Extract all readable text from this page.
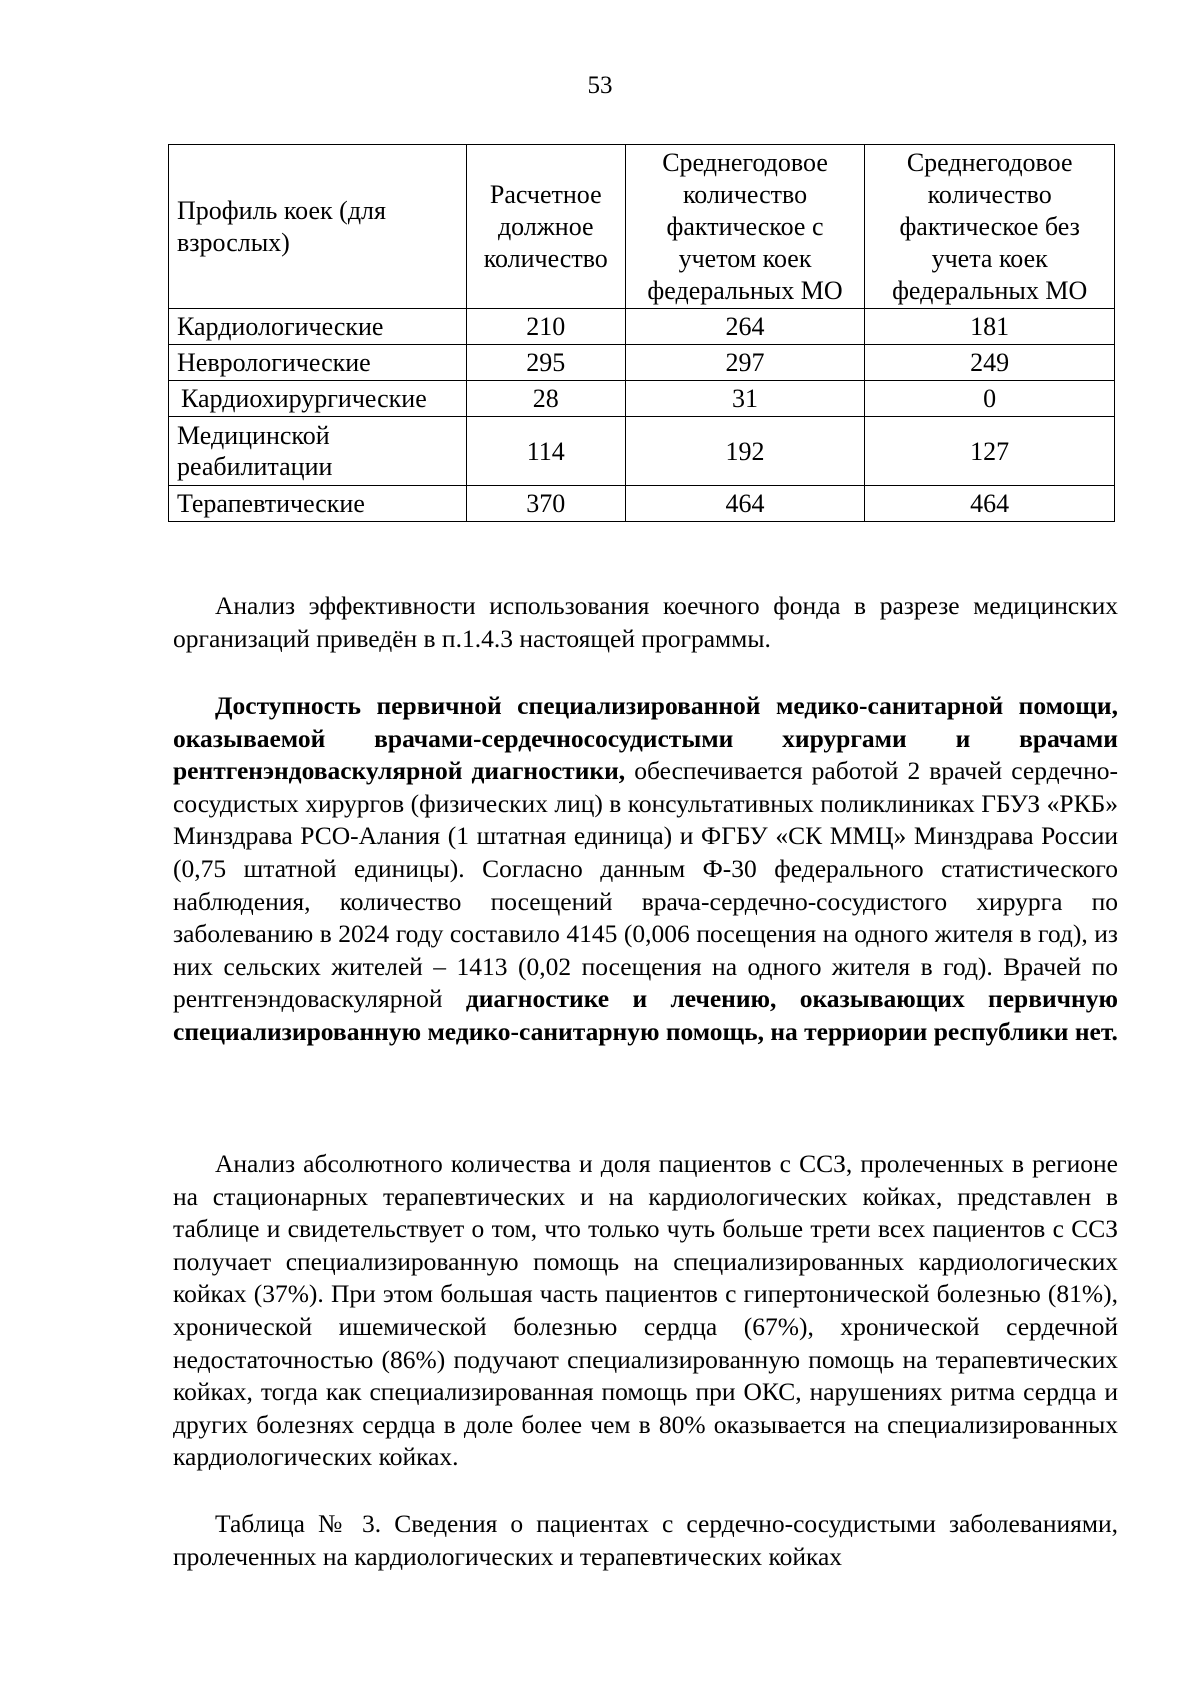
53
Профиль коек (для взрослых)	Расчетное должное количество	Среднегодовое количество фактическое с учетом коек федеральных МО	Среднегодовое количество фактическое без учета коек федеральных МО
Кардиологические	210	264	181
Неврологические	295	297	249
Кардиохирургические	28	31	0
Медицинской реабилитации	114	192	127
Терапевтические	370	464	464

Анализ эффективности использования коечного фонда в разрезе медицинских организаций приведён в п.1.4.3 настоящей программы.

Доступность первичной специализированной медико-санитарной помощи, оказываемой врачами-сердечнососудистыми хирургами и врачами рентгенэндоваскулярной диагностики, обеспечивается работой 2 врачей сердечно-сосудистых хирургов (физических лиц) в консультативных поликлиниках ГБУЗ «РКБ» Минздрава РСО-Алания (1 штатная единица) и ФГБУ «СК ММЦ» Минздрава России (0,75 штатной единицы). Согласно данным Ф-30 федерального статистического наблюдения, количество посещений врача-сердечно-сосудистого хирурга по заболеванию в 2024 году составило 4145 (0,006 посещения на одного жителя в год), из них сельских жителей – 1413 (0,02 посещения на одного жителя в год). Врачей по рентгенэндоваскулярной диагностике и лечению, оказывающих первичную специализированную медико-санитарную помощь, на терриории республики нет.

Анализ абсолютного количества и доля пациентов с ССЗ, пролеченных в регионе на стационарных терапевтических и на кардиологических койках, представлен в таблице и свидетельствует о том, что только чуть больше трети всех пациентов с ССЗ получает специализированную помощь на специализированных кардиологических койках (37%). При этом большая часть пациентов с гипертонической болезнью (81%), хронической ишемической болезнью сердца (67%), хронической сердечной недостаточностью (86%) подучают специализированную помощь на терапевтических койках, тогда как специализированная помощь при ОКС, нарушениях ритма сердца и других болезнях сердца в доле более чем в 80% оказывается на специализированных кардиологических койках.

Таблица № 3. Сведения о пациентах с сердечно-сосудистыми заболеваниями, пролеченных на кардиологических и терапевтических койках
